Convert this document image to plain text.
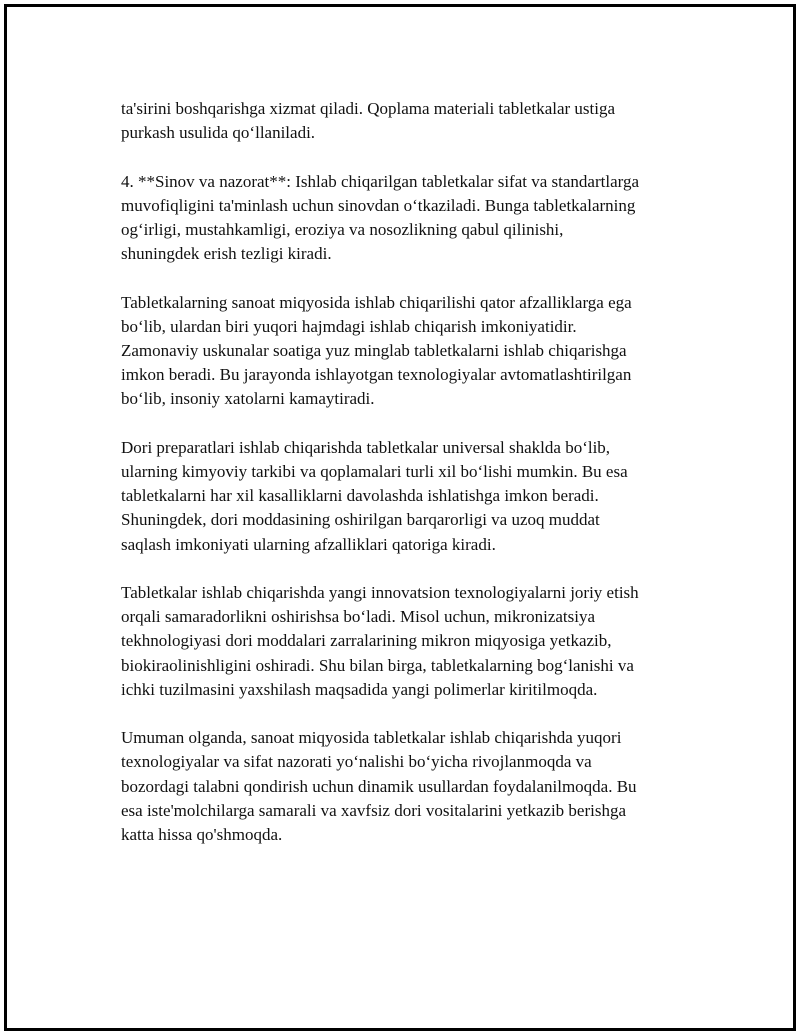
ta'sirini boshqarishga xizmat qiladi. Qoplama materiali tabletkalar ustiga
purkash usulida qo‘llaniladi.

4. **Sinov va nazorat**: Ishlab chiqarilgan tabletkalar sifat va standartlarga
muvofiqligini ta'minlash uchun sinovdan o‘tkaziladi. Bunga tabletkalarning
og‘irligi, mustahkamligi, eroziya va nosozlikning qabul qilinishi,
shuningdek erish tezligi kiradi.

Tabletkalarning sanoat miqyosida ishlab chiqarilishi qator afzalliklarga ega
bo‘lib, ulardan biri yuqori hajmdagi ishlab chiqarish imkoniyatidir.
Zamonaviy uskunalar soatiga yuz minglab tabletkalarni ishlab chiqarishga
imkon beradi. Bu jarayonda ishlayotgan texnologiyalar avtomatlashtirilgan
bo‘lib, insoniy xatolarni kamaytiradi.

Dori preparatlari ishlab chiqarishda tabletkalar universal shaklda bo‘lib,
ularning kimyoviy tarkibi va qoplamalari turli xil bo‘lishi mumkin. Bu esa
tabletkalarni har xil kasalliklarni davolashda ishlatishga imkon beradi.
Shuningdek, dori moddasining oshirilgan barqarorligi va uzoq muddat
saqlash imkoniyati ularning afzalliklari qatoriga kiradi.

Tabletkalar ishlab chiqarishda yangi innovatsion texnologiyalarni joriy etish
orqali samaradorlikni oshirishsa bo‘ladi. Misol uchun, mikronizatsiya
tekhnologiyasi dori moddalari zarralarining mikron miqyosiga yetkazib,
biokiraolinishligini oshiradi. Shu bilan birga, tabletkalarning bog‘lanishi va
ichki tuzilmasini yaxshilash maqsadida yangi polimerlar kiritilmoqda.

Umuman olganda, sanoat miqyosida tabletkalar ishlab chiqarishda yuqori
texnologiyalar va sifat nazorati yo‘nalishi bo‘yicha rivojlanmoqda va
bozordagi talabni qondirish uchun dinamik usullardan foydalanilmoqda. Bu
esa iste'molchilarga samarali va xavfsiz dori vositalarini yetkazib berishga
katta hissa qo'shmoqda.
